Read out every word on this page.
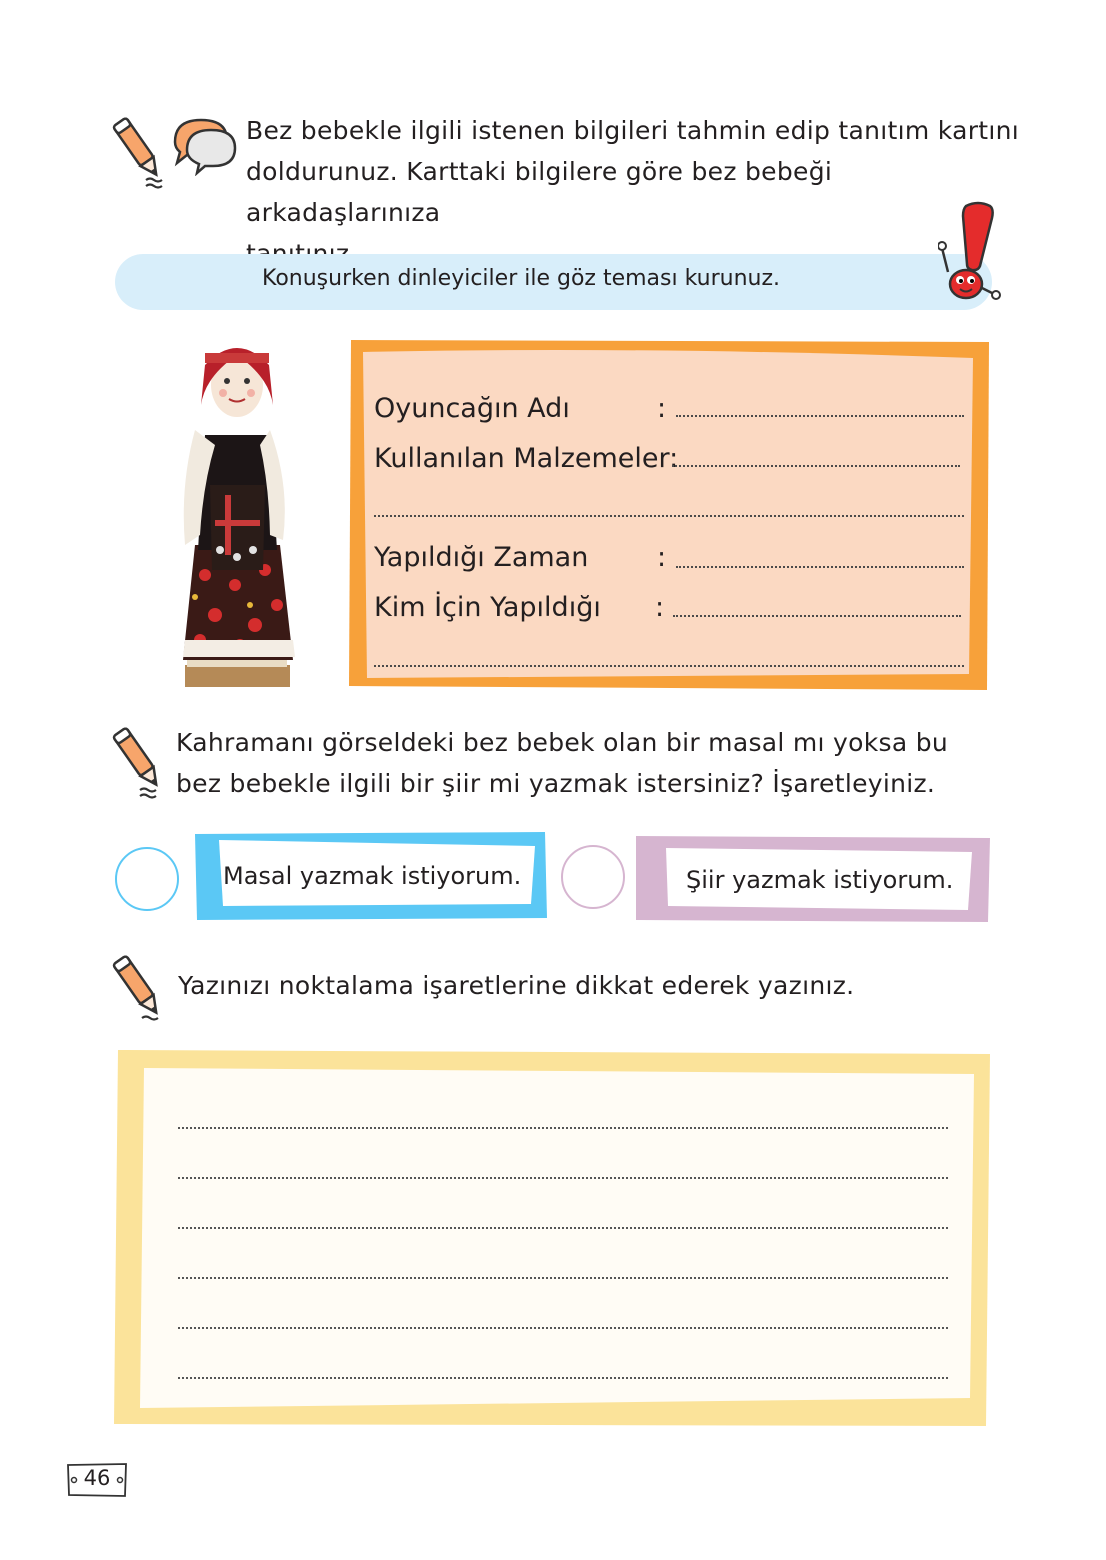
Bez bebekle ilgili istenen bilgileri tahmin edip tanıtım kartını
doldurunuz. Karttaki bilgilere göre bez bebeği arkadaşlarınıza
Konuşurken dinleyiciler ile göz teması kurunuz.
Oyuncağın Adı	:
Kullanılan Malzemeler:
Yapıldığı Zaman	:
Kim İçin Yapıldığı :
Kahramanı görseldeki bez bebek olan bir masal mı yoksa bu
bez bebekle ilgili bir şiir mi yazmak istersiniz? İşaretleyiniz.
Masal yazmak istiyorum.	Şiir yazmak istiyorum.
Yazınızı noktalama işaretlerine dikkat ederek yazınız.
46
